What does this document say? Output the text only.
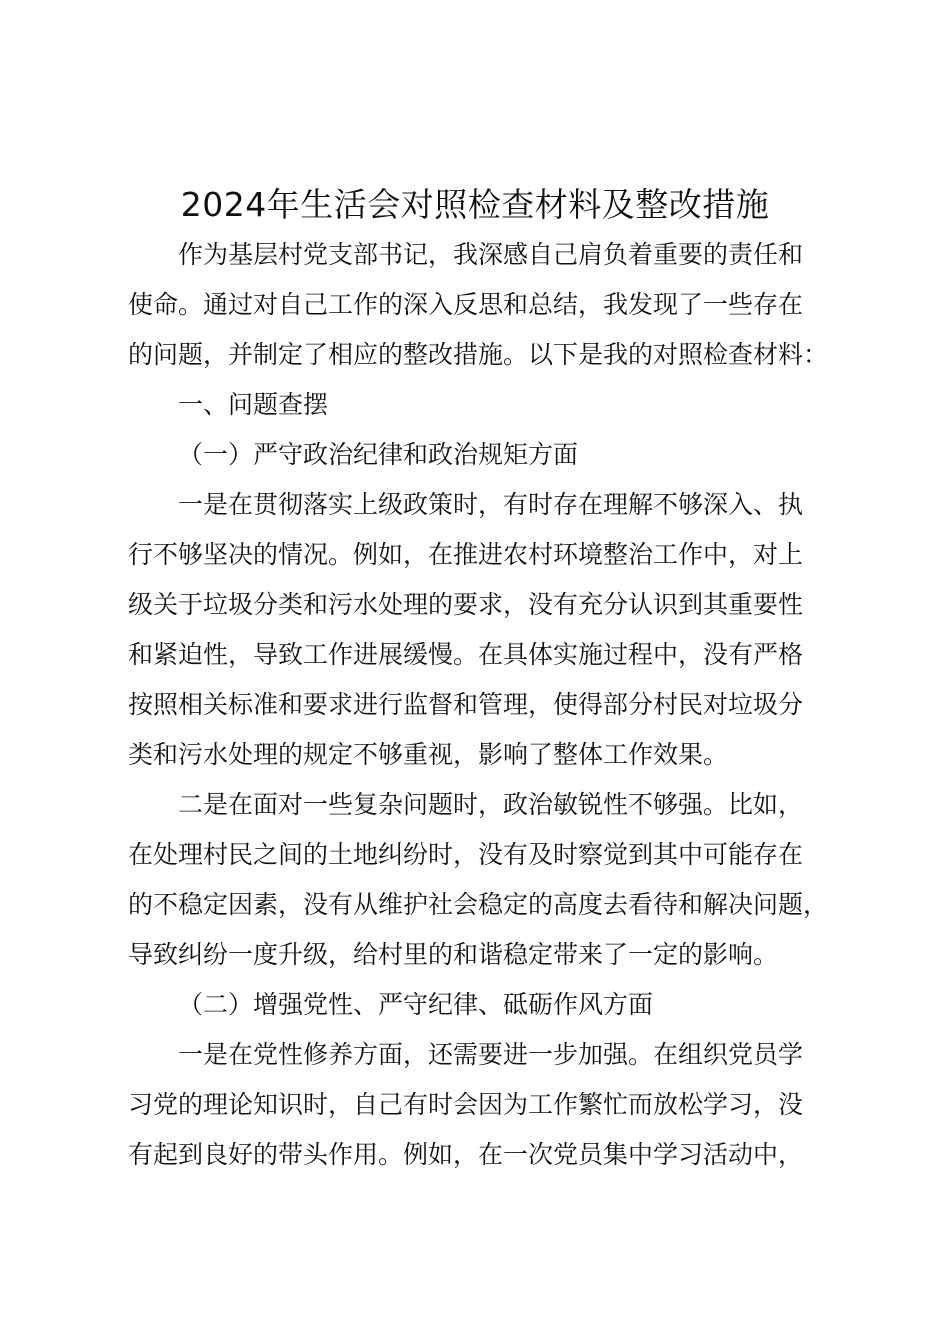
2024年生活会对照检查材料及整改措施

作为基层村党支部书记，我深感自己肩负着重要的责任和
使命。通过对自己工作的深入反思和总结，我发现了一些存在
的问题，并制定了相应的整改措施。以下是我的对照检查材料：

一、问题查摆

（一）严守政治纪律和政治规矩方面

一是在贯彻落实上级政策时，有时存在理解不够深入、执
行不够坚决的情况。例如，在推进农村环境整治工作中，对上
级关于垃圾分类和污水处理的要求，没有充分认识到其重要性
和紧迫性，导致工作进展缓慢。在具体实施过程中，没有严格
按照相关标准和要求进行监督和管理，使得部分村民对垃圾分
类和污水处理的规定不够重视，影响了整体工作效果。

二是在面对一些复杂问题时，政治敏锐性不够强。比如，
在处理村民之间的土地纠纷时，没有及时察觉到其中可能存在
的不稳定因素，没有从维护社会稳定的高度去看待和解决问题，
导致纠纷一度升级，给村里的和谐稳定带来了一定的影响。

（二）增强党性、严守纪律、砥砺作风方面

一是在党性修养方面，还需要进一步加强。在组织党员学
习党的理论知识时，自己有时会因为工作繁忙而放松学习，没
有起到良好的带头作用。例如，在一次党员集中学习活动中，
